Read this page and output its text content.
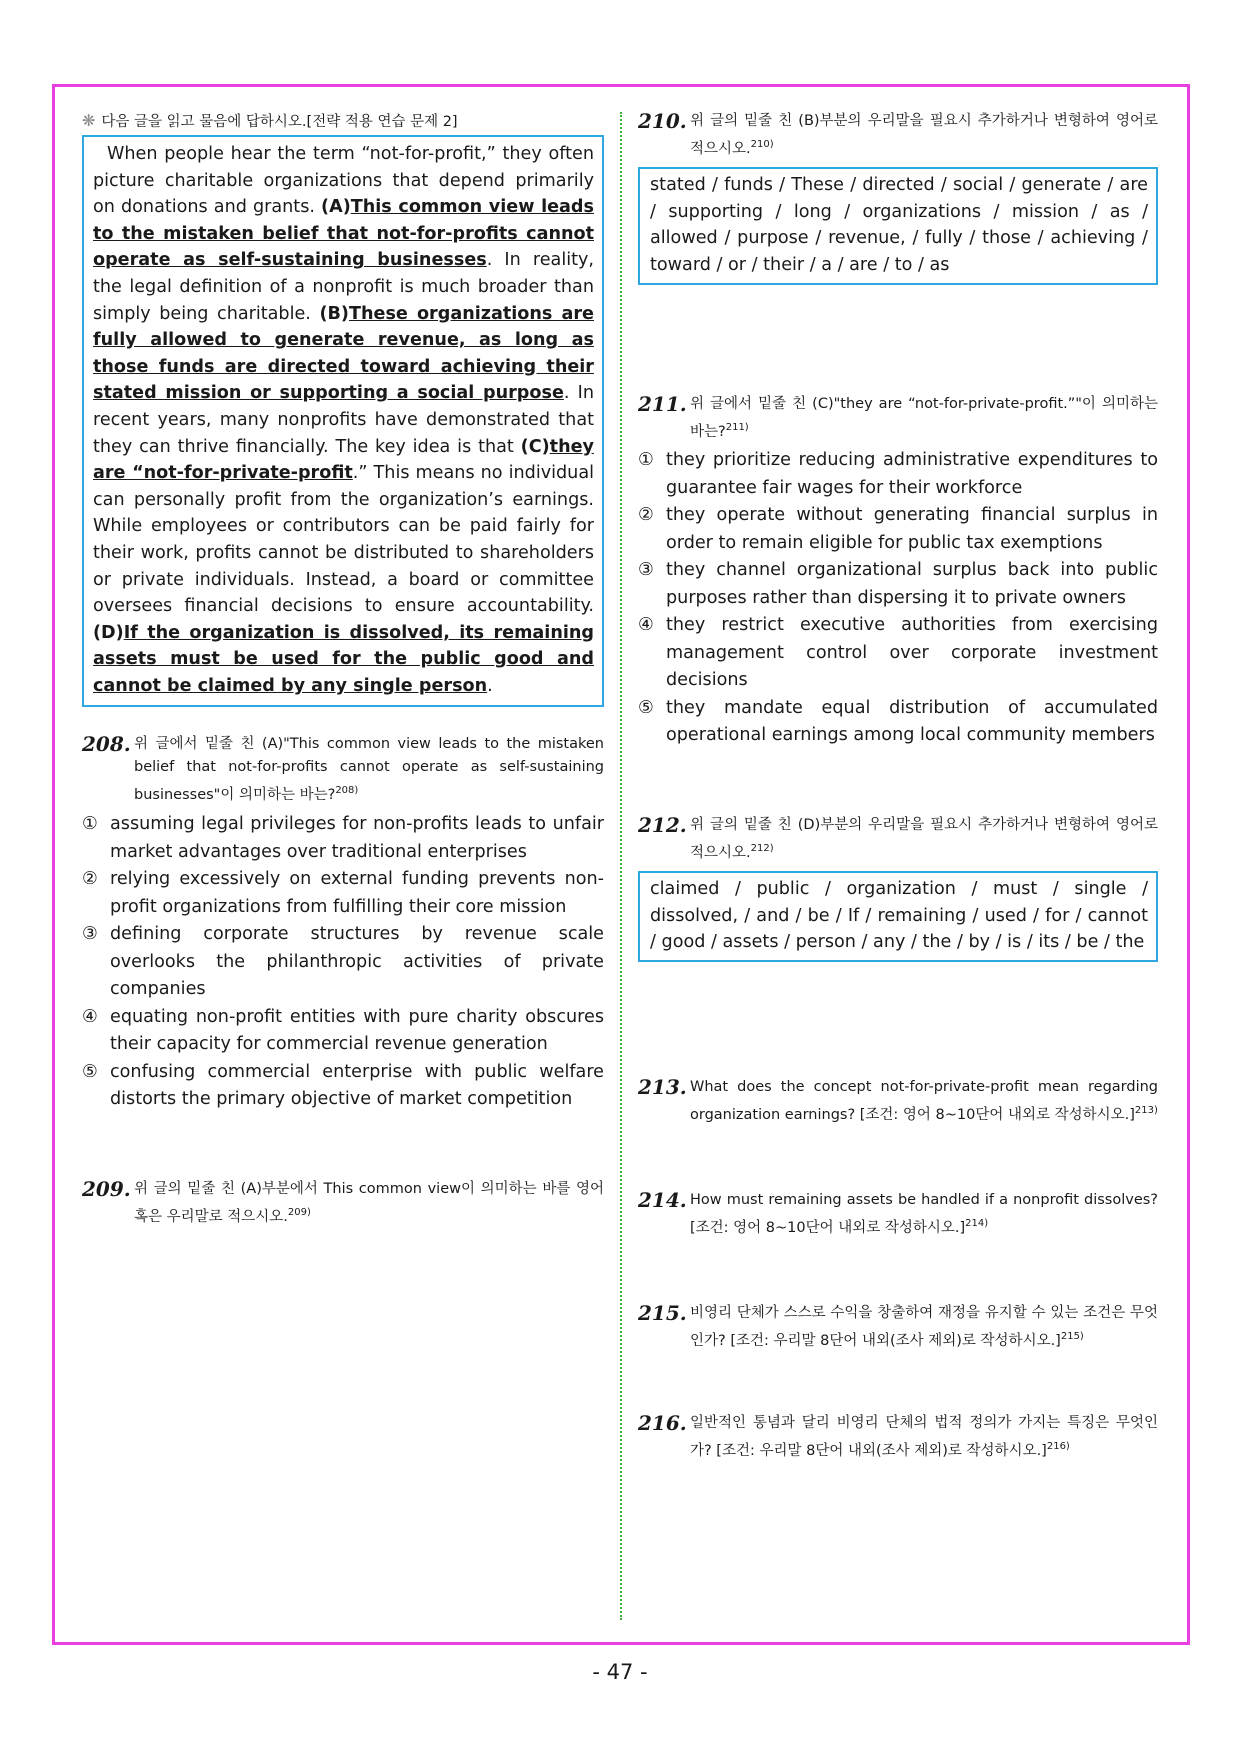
❋ 다음 글을 읽고 물음에 답하시오.[전략 적용 연습 문제 2]

When people hear the term “not-for-profit,” they often picture charitable organizations that depend primarily on donations and grants. (A)This common view leads to the mistaken belief that not-for-profits cannot operate as self-sustaining businesses. In reality, the legal definition of a nonprofit is much broader than simply being charitable. (B)These organizations are fully allowed to generate revenue, as long as those funds are directed toward achieving their stated mission or supporting a social purpose. In recent years, many nonprofits have demonstrated that they can thrive financially. The key idea is that (C)they are “not-for-private-profit.” This means no individual can personally profit from the organization’s earnings. While employees or contributors can be paid fairly for their work, profits cannot be distributed to shareholders or private individuals. Instead, a board or committee oversees financial decisions to ensure accountability. (D)If the organization is dissolved, its remaining assets must be used for the public good and cannot be claimed by any single person.

208. 위 글에서 밑줄 친 (A)"This common view leads to the mistaken belief that not-for-profits cannot operate as self-sustaining businesses"이 의미하는 바는?$^{208)}$
① assuming legal privileges for non-profits leads to unfair market advantages over traditional enterprises
② relying excessively on external funding prevents non-profit organizations from fulfilling their core mission
③ defining corporate structures by revenue scale overlooks the philanthropic activities of private companies
④ equating non-profit entities with pure charity obscures their capacity for commercial revenue generation
⑤ confusing commercial enterprise with public welfare distorts the primary objective of market competition
209. 위 글의 밑줄 친 (A)부분에서 This common view이 의미하는 바를 영어 혹은 우리말로 적으시오.$^{209)}$
210. 위 글의 밑줄 친 (B)부분의 우리말을 필요시 추가하거나 변형하여 영어로 적으시오.$^{210)}$
stated / funds / These / directed / social / generate / are / supporting / long / organizations / mission / as / allowed / purpose / revenue, / fully / those / achieving / toward / or / their / a / are / to / as
211. 위 글에서 밑줄 친 (C)"they are “not-for-private-profit.”"이 의미하는 바는?$^{211)}$
① they prioritize reducing administrative expenditures to guarantee fair wages for their workforce
② they operate without generating financial surplus in order to remain eligible for public tax exemptions
③ they channel organizational surplus back into public purposes rather than dispersing it to private owners
④ they restrict executive authorities from exercising management control over corporate investment decisions
⑤ they mandate equal distribution of accumulated operational earnings among local community members
212. 위 글의 밑줄 친 (D)부분의 우리말을 필요시 추가하거나 변형하여 영어로 적으시오.$^{212)}$
claimed / public / organization / must / single / dissolved, / and / be / If / remaining / used / for / cannot / good / assets / person / any / the / by / is / its / be / the
213. What does the concept not-for-private-profit mean regarding organization earnings? [조건: 영어 8~10단어 내외로 작성하시오.]$^{213)}$
214. How must remaining assets be handled if a nonprofit dissolves? [조건: 영어 8~10단어 내외로 작성하시오.]$^{214)}$
215. 비영리 단체가 스스로 수익을 창출하여 재정을 유지할 수 있는 조건은 무엇인가? [조건: 우리말 8단어 내외(조사 제외)로 작성하시오.]$^{215)}$
216. 일반적인 통념과 달리 비영리 단체의 법적 정의가 가지는 특징은 무엇인가? [조건: 우리말 8단어 내외(조사 제외)로 작성하시오.]$^{216)}$
- 47 -
